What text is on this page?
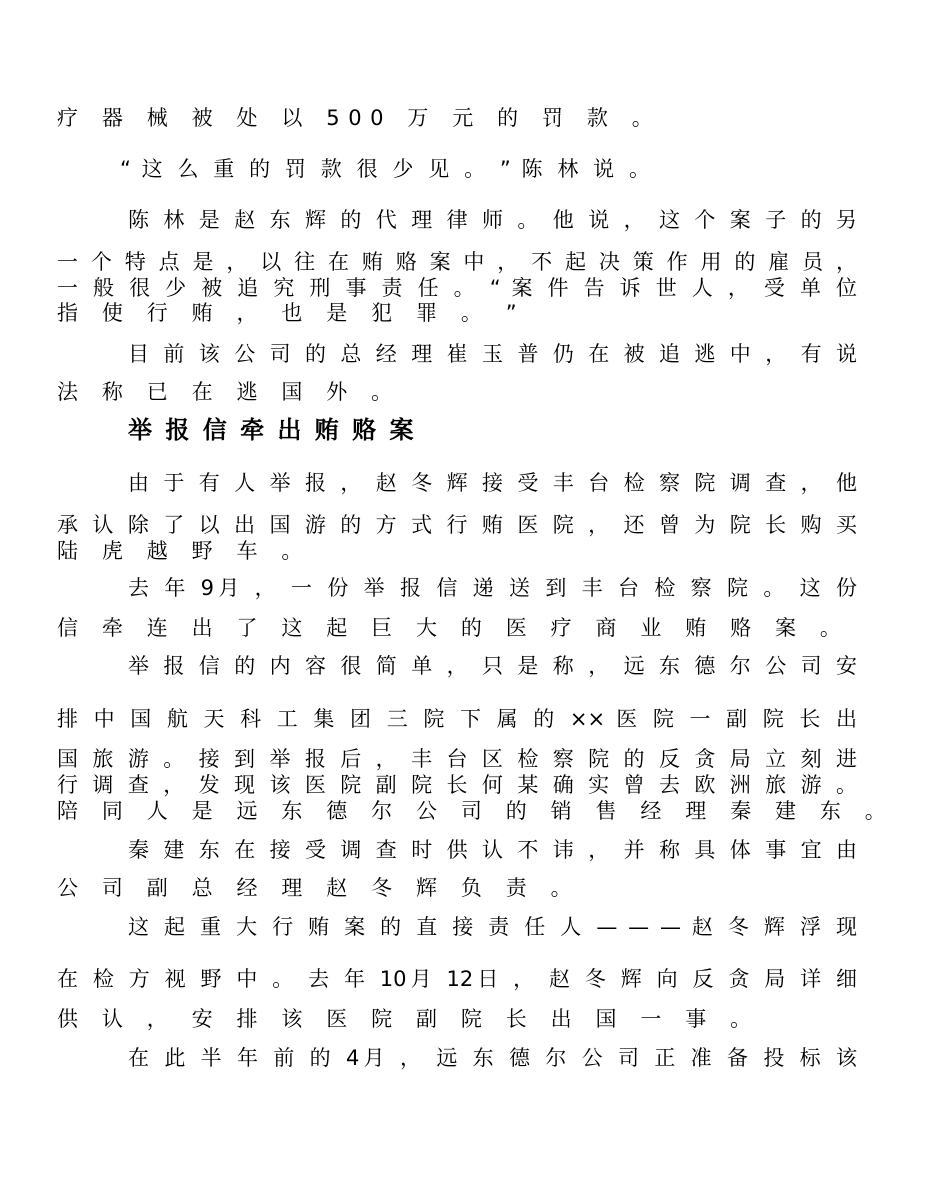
疗 器 械 被 处 以 500 万 元 的 罚 款 。
“ 这 么 重 的 罚 款 很 少 见 。 ” 陈 林 说 。
陈 林 是 赵 东 辉 的 代 理 律 师 。 他 说 ， 这 个 案 子 的 另
一 个 特 点 是 ， 以 往 在 贿 赂 案 中 ， 不 起 决 策 作 用 的 雇 员 ，
一 般 很 少 被 追 究 刑 事 责 任 。 “ 案 件 告 诉 世 人 ， 受 单 位
指 使 行 贿 ， 也 是 犯 罪 。 ”
目 前 该 公 司 的 总 经 理 崔 玉 普 仍 在 被 追 逃 中 ， 有 说
法 称 已 在 逃 国 外 。
举 报 信 牵 出 贿 赂 案
由 于 有 人 举 报 ， 赵 冬 辉 接 受 丰 台 检 察 院 调 查 ， 他
承 认 除 了 以 出 国 游 的 方 式 行 贿 医 院 ， 还 曾 为 院 长 购 买
陆 虎 越 野 车 。
去 年 9月 ， 一 份 举 报 信 递 送 到 丰 台 检 察 院 。 这 份
信 牵 连 出 了 这 起 巨 大 的 医 疗 商 业 贿 赂 案 。
举 报 信 的 内 容 很 简 单 ， 只 是 称 ， 远 东 德 尔 公 司 安
排 中 国 航 天 科 工 集 团 三 院 下 属 的 ×× 医 院 一 副 院 长 出
国 旅 游 。 接 到 举 报 后 ， 丰 台 区 检 察 院 的 反 贪 局 立 刻 进
行 调 查 ， 发 现 该 医 院 副 院 长 何 某 确 实 曾 去 欧 洲 旅 游 。
陪 同 人 是 远 东 德 尔 公 司 的 销 售 经 理 秦 建 东 。
秦 建 东 在 接 受 调 查 时 供 认 不 讳 ， 并 称 具 体 事 宜 由
公 司 副 总 经 理 赵 冬 辉 负 责 。
这 起 重 大 行 贿 案 的 直 接 责 任 人 — — — 赵 冬 辉 浮 现
在 检 方 视 野 中 。 去 年 10月 12日 ， 赵 冬 辉 向 反 贪 局 详 细
供 认 ， 安 排 该 医 院 副 院 长 出 国 一 事 。
在 此 半 年 前 的 4月 ， 远 东 德 尔 公 司 正 准 备 投 标 该
